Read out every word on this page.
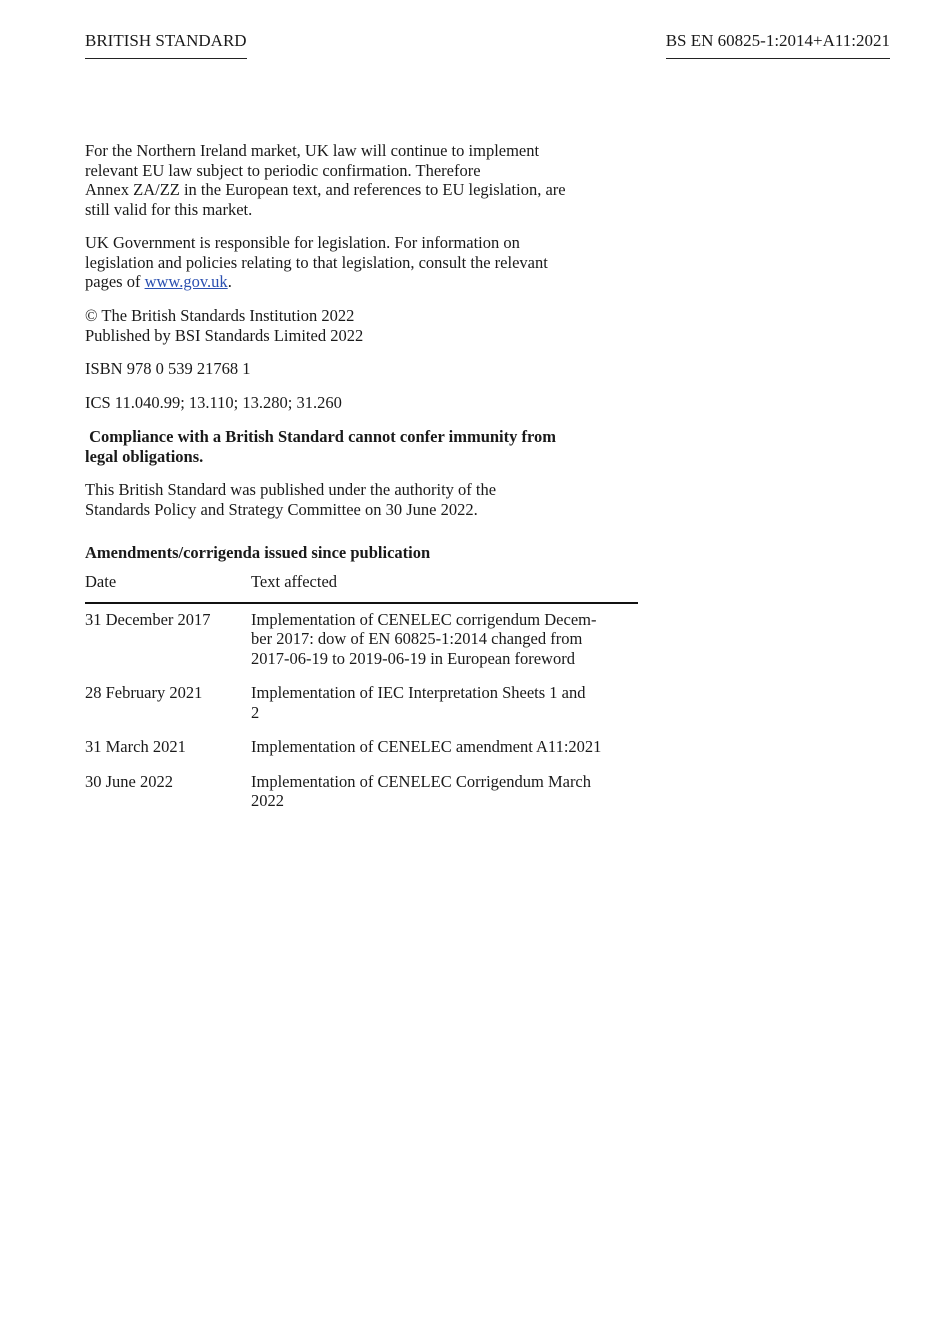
BRITISH STANDARD	BS EN 60825-1:2014+A11:2021
For the Northern Ireland market, UK law will continue to implement
relevant EU law subject to periodic confirmation. Therefore
Annex ZA/ZZ in the European text, and references to EU legislation, are
still valid for this market.
UK Government is responsible for legislation. For information on
legislation and policies relating to that legislation, consult the relevant
pages of www.gov.uk.
© The British Standards Institution 2022
Published by BSI Standards Limited 2022
ISBN 978 0 539 21768 1
ICS 11.040.99; 13.110; 13.280; 31.260
Compliance with a British Standard cannot confer immunity from
legal obligations.
This British Standard was published under the authority of the
Standards Policy and Strategy Committee on 30 June 2022.
Amendments/corrigenda issued since publication
Date	Text affected
31 December 2017	Implementation of CENELEC corrigendum Decem-
ber 2017: dow of EN 60825-1:2014 changed from
2017-06-19 to 2019-06-19 in European foreword

28 February 2021	Implementation of IEC Interpretation Sheets 1 and
2

31 March 2021	Implementation of CENELEC amendment A11:2021

30 June 2022	Implementation of CENELEC Corrigendum March
2022
